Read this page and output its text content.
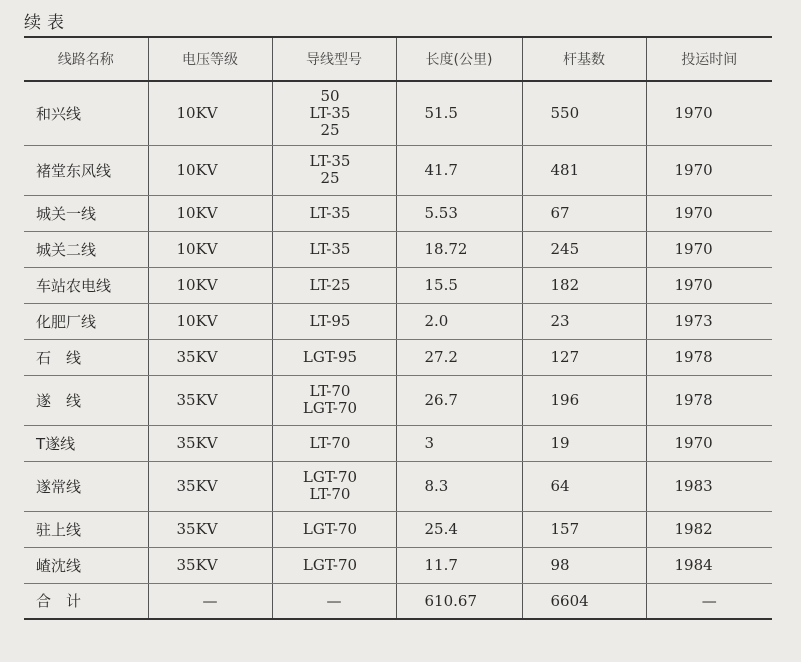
续表
线路名称	电压等级	导线型号	长度(公里)	杆基数	投运时间
和兴线	10KV	50
LT-35
25	51.5	550	1970
褚堂东风线	10KV	LT-35
25	41.7	481	1970
城关一线	10KV	LT-35	5.53	67	1970
城关二线	10KV	LT-35	18.72	245	1970
车站农电线	10KV	LT-25	15.5	182	1970
化肥厂线	10KV	LT-95	2.0	23	1973
石　线	35KV	LGT-95	27.2	127	1978
遂　线	35KV	LT-70
LGT-70	26.7	196	1978
T遂线	35KV	LT-70	3	19	1970
遂常线	35KV	LGT-70
LT-70	8.3	64	1983
驻上线	35KV	LGT-70	25.4	157	1982
嵖沈线	35KV	LGT-70	11.7	98	1984
合　计	—	—	610.67	6604	—
